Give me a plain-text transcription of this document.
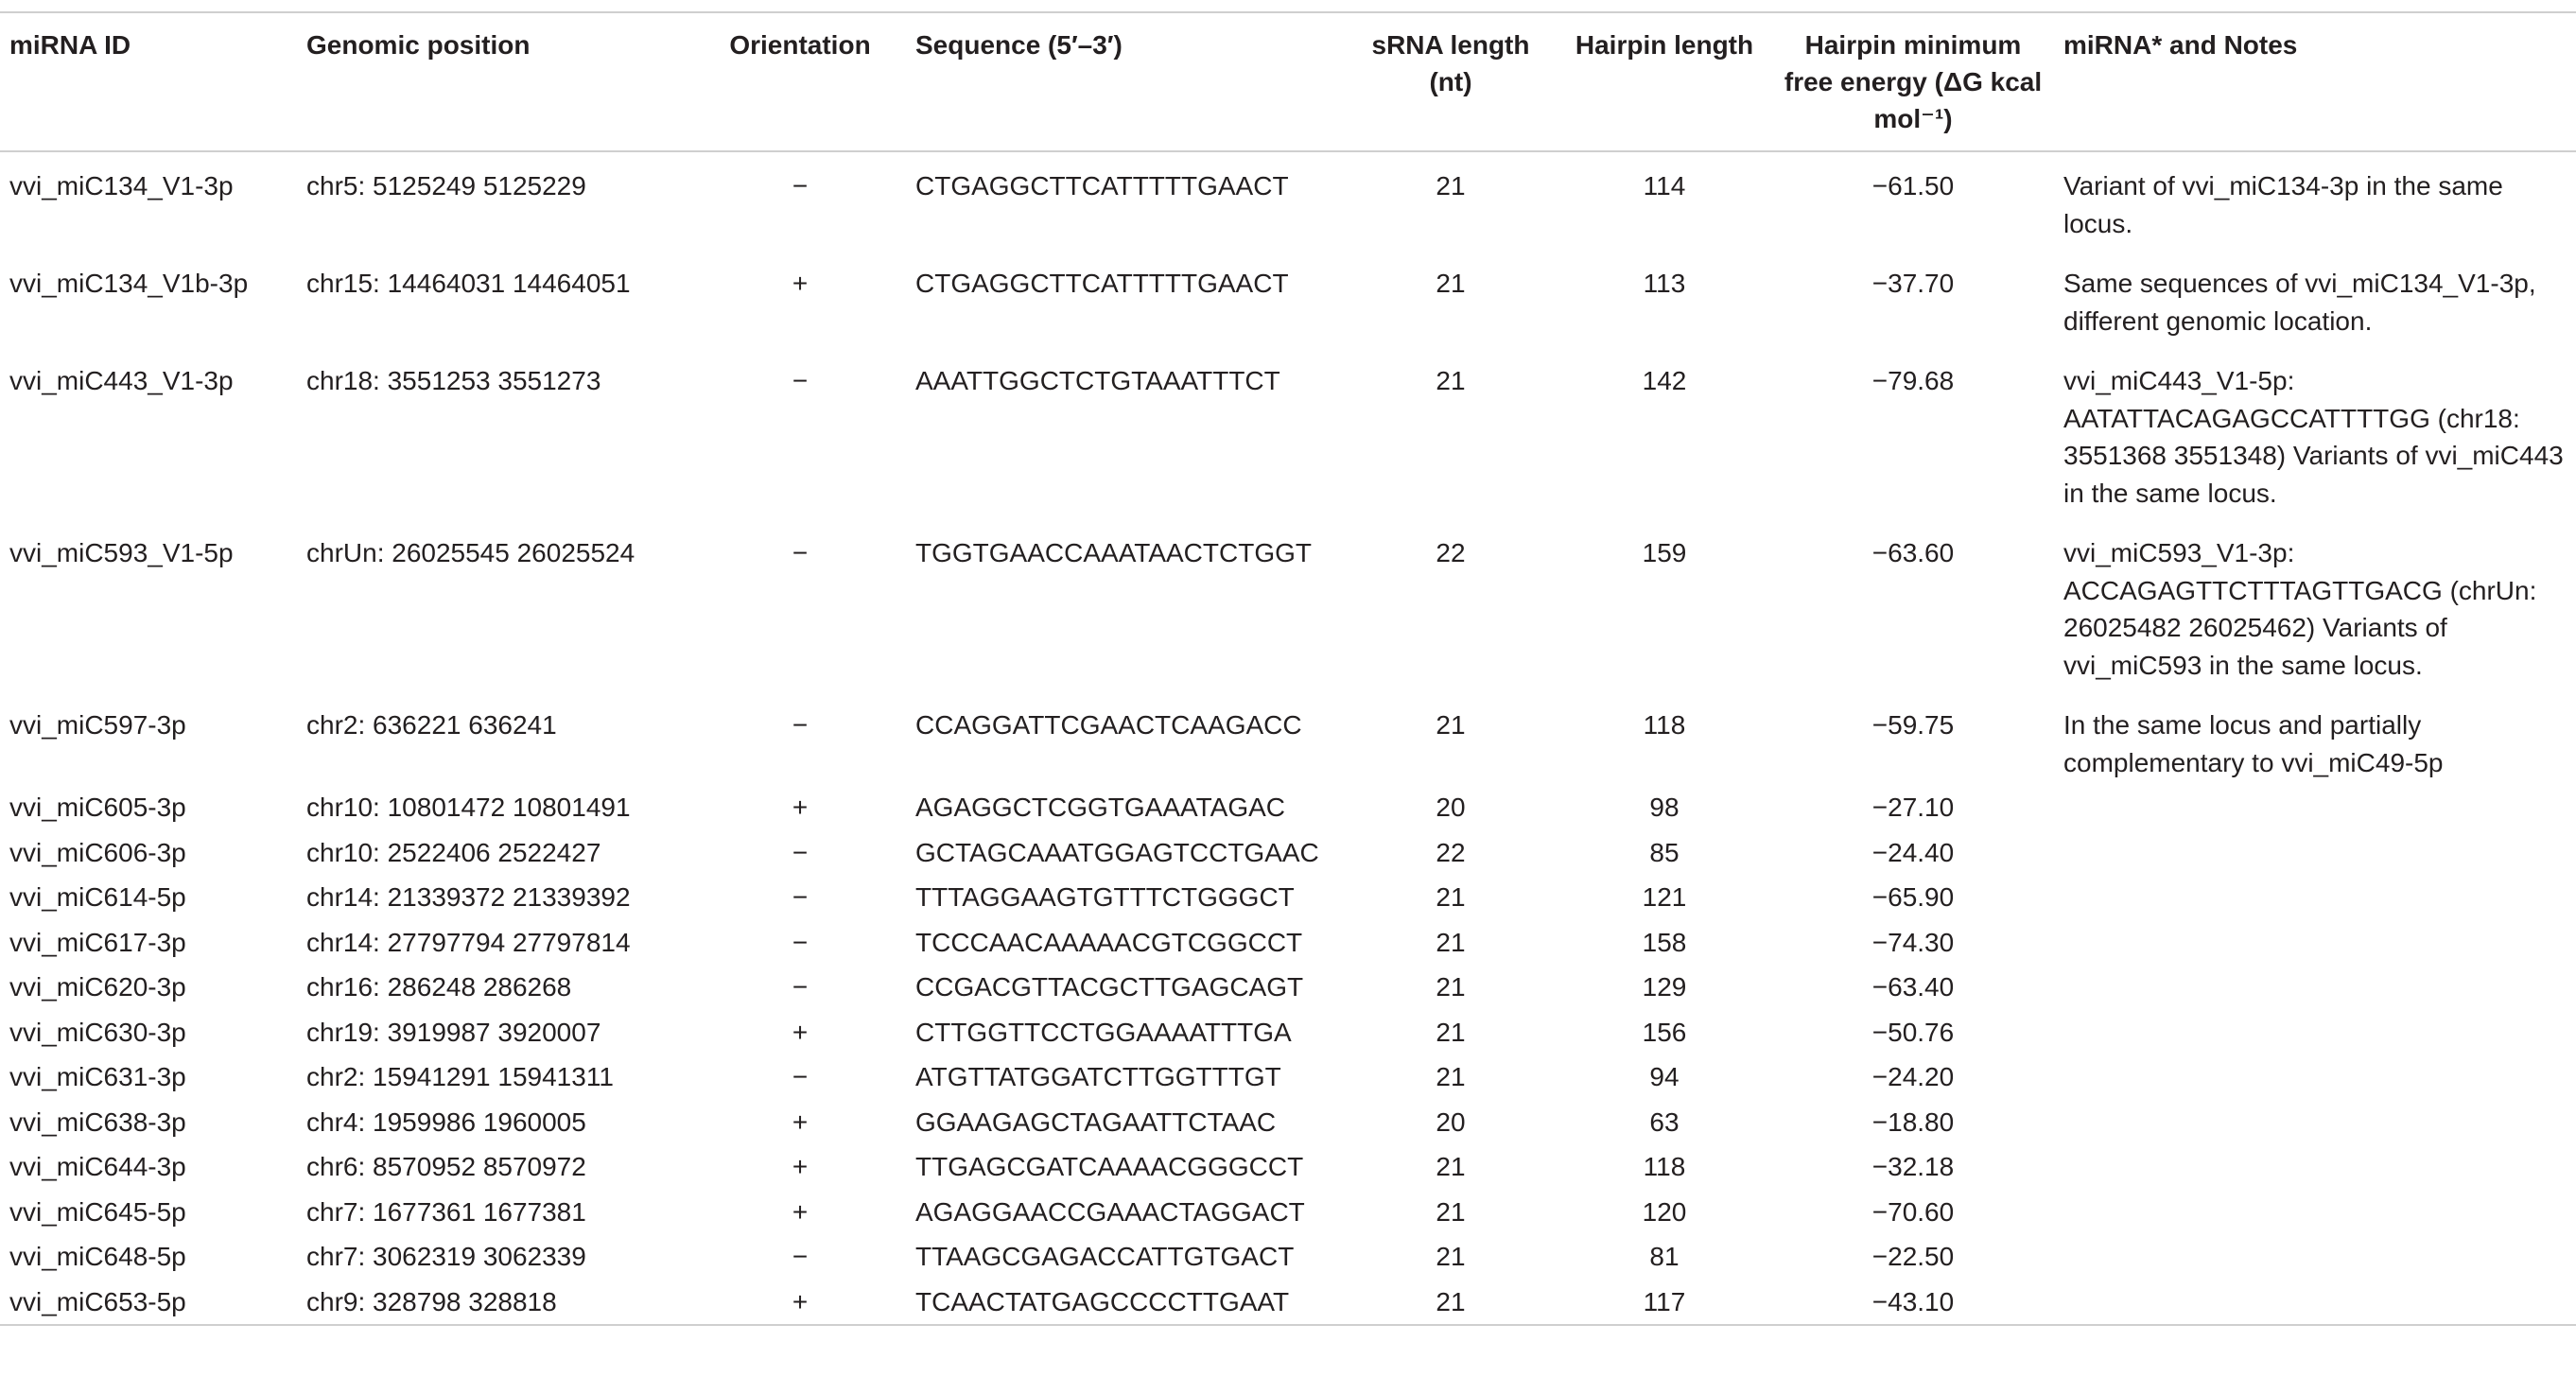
miRNA ID	Genomic position	Orientation	Sequence (5′–3′)	sRNA length (nt)	Hairpin length	Hairpin minimum free energy (ΔG kcal mol⁻¹)	miRNA* and Notes
vvi_miC134_V1-3p	chr5: 5125249 5125229	−	CTGAGGCTTCATTTTTGAACT	21	114	−61.50	Variant of vvi_miC134-3p in the same locus.
vvi_miC134_V1b-3p	chr15: 14464031 14464051	+	CTGAGGCTTCATTTTTGAACT	21	113	−37.70	Same sequences of vvi_miC134_V1-3p, different genomic location.
vvi_miC443_V1-3p	chr18: 3551253 3551273	−	AAATTGGCTCTGTAAATTTCT	21	142	−79.68	vvi_miC443_V1-5p: AATATTACAGAGCCATTTTGG (chr18: 3551368 3551348) Variants of vvi_miC443 in the same locus.
vvi_miC593_V1-5p	chrUn: 26025545 26025524	−	TGGTGAACCAAATAACTCTGGT	22	159	−63.60	vvi_miC593_V1-3p: ACCAGAGTTCTTTAGTTGACG (chrUn: 26025482 26025462) Variants of vvi_miC593 in the same locus.
vvi_miC597-3p	chr2: 636221 636241	−	CCAGGATTCGAACTCAAGACC	21	118	−59.75	In the same locus and partially complementary to vvi_miC49-5p
vvi_miC605-3p	chr10: 10801472 10801491	+	AGAGGCTCGGTGAAATAGAC	20	98	−27.10	
vvi_miC606-3p	chr10: 2522406 2522427	−	GCTAGCAAATGGAGTCCTGAAC	22	85	−24.40	
vvi_miC614-5p	chr14: 21339372 21339392	−	TTTAGGAAGTGTTTCTGGGCT	21	121	−65.90	
vvi_miC617-3p	chr14: 27797794 27797814	−	TCCCAACAAAAACGTCGGCCT	21	158	−74.30	
vvi_miC620-3p	chr16: 286248 286268	−	CCGACGTTACGCTTGAGCAGT	21	129	−63.40	
vvi_miC630-3p	chr19: 3919987 3920007	+	CTTGGTTCCTGGAAAATTTGA	21	156	−50.76	
vvi_miC631-3p	chr2: 15941291 15941311	−	ATGTTATGGATCTTGGTTTGT	21	94	−24.20	
vvi_miC638-3p	chr4: 1959986 1960005	+	GGAAGAGCTAGAATTCTAAC	20	63	−18.80	
vvi_miC644-3p	chr6: 8570952 8570972	+	TTGAGCGATCAAAACGGGCCT	21	118	−32.18	
vvi_miC645-5p	chr7: 1677361 1677381	+	AGAGGAACCGAAACTAGGACT	21	120	−70.60	
vvi_miC648-5p	chr7: 3062319 3062339	−	TTAAGCGAGACCATTGTGACT	21	81	−22.50	
vvi_miC653-5p	chr9: 328798 328818	+	TCAACTATGAGCCCCTTGAAT	21	117	−43.10	
